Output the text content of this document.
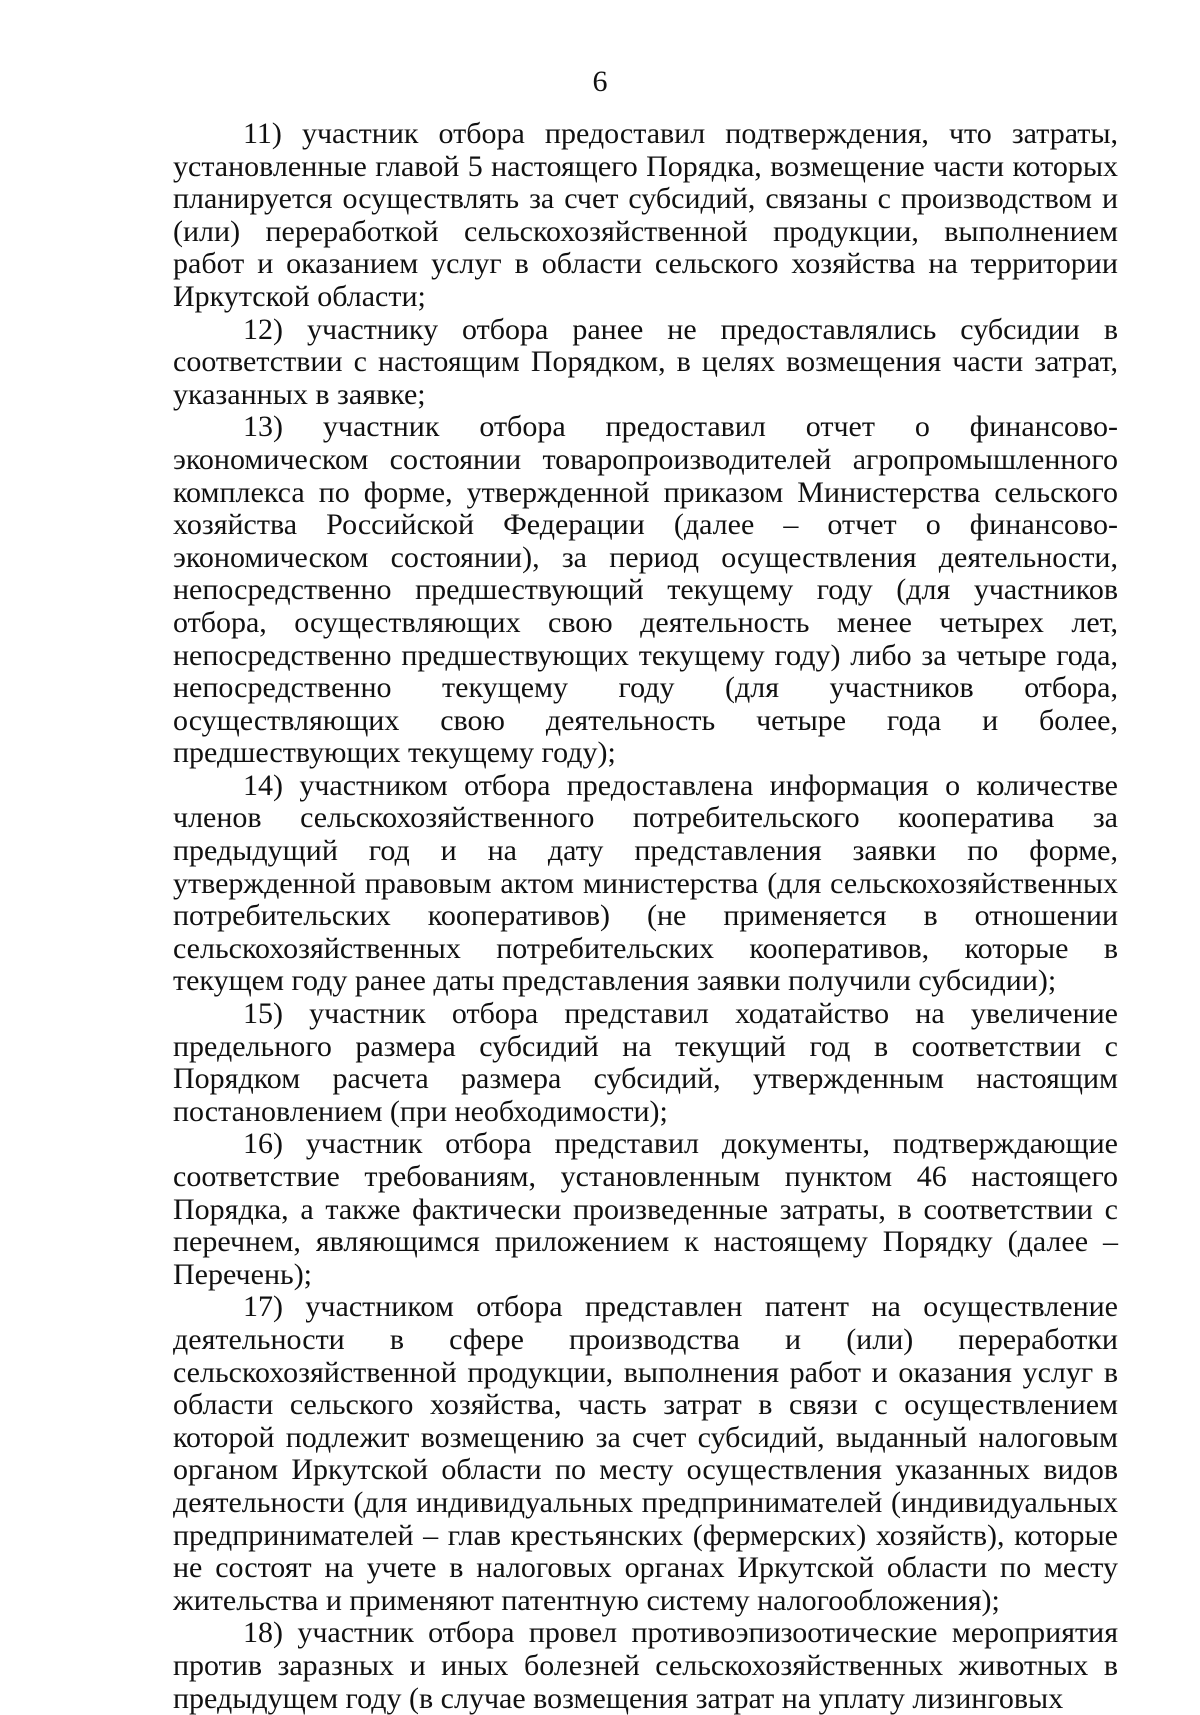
6

11) участник отбора предоставил подтверждения, что затраты, установленные главой 5 настоящего Порядка, возмещение части которых планируется осуществлять за счет субсидий, связаны с производством и (или) переработкой сельскохозяйственной продукции, выполнением работ и оказанием услуг в области сельского хозяйства на территории Иркутской области;

12) участнику отбора ранее не предоставлялись субсидии в соответствии с настоящим Порядком, в целях возмещения части затрат, указанных в заявке;

13) участник отбора предоставил отчет о финансово-экономическом состоянии товаропроизводителей агропромышленного комплекса по форме, утвержденной приказом Министерства сельского хозяйства Российской Федерации (далее – отчет о финансово-экономическом состоянии), за период осуществления деятельности, непосредственно предшествующий текущему году (для участников отбора, осуществляющих свою деятельность менее четырех лет, непосредственно предшествующих текущему году) либо за четыре года, непосредственно текущему году (для участников отбора, осуществляющих свою деятельность четыре года и более, предшествующих текущему году);

14) участником отбора предоставлена информация о количестве членов сельскохозяйственного потребительского кооператива за предыдущий год и на дату представления заявки по форме, утвержденной правовым актом министерства (для сельскохозяйственных потребительских кооперативов) (не применяется в отношении сельскохозяйственных потребительских кооперативов, которые в текущем году ранее даты представления заявки получили субсидии);

15) участник отбора представил ходатайство на увеличение предельного размера субсидий на текущий год в соответствии с Порядком расчета размера субсидий, утвержденным настоящим постановлением (при необходимости);

16) участник отбора представил документы, подтверждающие соответствие требованиям, установленным пунктом 46 настоящего Порядка, а также фактически произведенные затраты, в соответствии с перечнем, являющимся приложением к настоящему Порядку (далее – Перечень);

17) участником отбора представлен патент на осуществление деятельности в сфере производства и (или) переработки сельскохозяйственной продукции, выполнения работ и оказания услуг в области сельского хозяйства, часть затрат в связи с осуществлением которой подлежит возмещению за счет субсидий, выданный налоговым органом Иркутской области по месту осуществления указанных видов деятельности (для индивидуальных предпринимателей (индивидуальных предпринимателей – глав крестьянских (фермерских) хозяйств), которые не состоят на учете в налоговых органах Иркутской области по месту жительства и применяют патентную систему налогообложения);

18) участник отбора провел противоэпизоотические мероприятия против заразных и иных болезней сельскохозяйственных животных в предыдущем году (в случае возмещения затрат на уплату лизинговых
